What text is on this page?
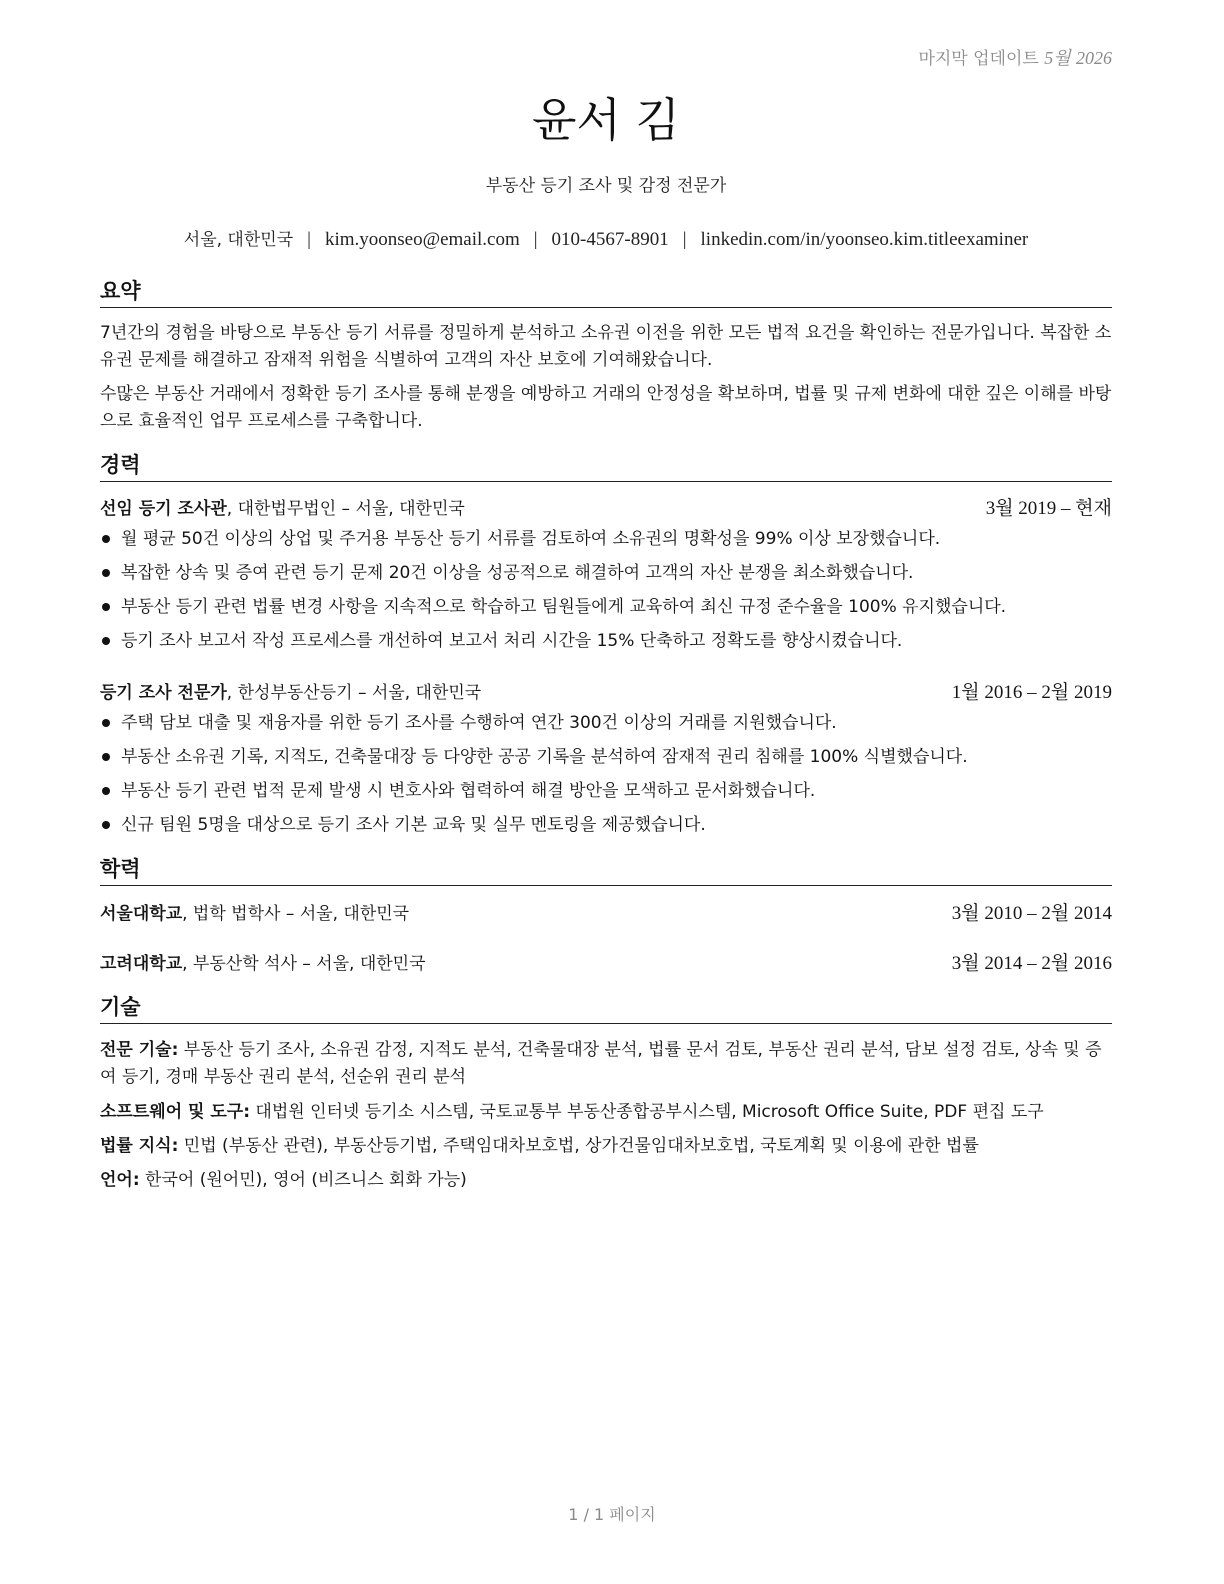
마지막 업데이트 5월 2026
윤서 김
부동산 등기 조사 및 감정 전문가
서울, 대한민국 | kim.yoonseo@email.com | 010-4567-8901 | linkedin.com/in/yoonseo.kim.titleexaminer
요약
7년간의 경험을 바탕으로 부동산 등기 서류를 정밀하게 분석하고 소유권 이전을 위한 모든 법적 요건을 확인하는 전문가입니다. 복잡한 소유권 문제를 해결하고 잠재적 위험을 식별하여 고객의 자산 보호에 기여해왔습니다.
수많은 부동산 거래에서 정확한 등기 조사를 통해 분쟁을 예방하고 거래의 안정성을 확보하며, 법률 및 규제 변화에 대한 깊은 이해를 바탕으로 효율적인 업무 프로세스를 구축합니다.
경력
선임 등기 조사관, 대한법무법인 – 서울, 대한민국	3월 2019 – 현재
월 평균 50건 이상의 상업 및 주거용 부동산 등기 서류를 검토하여 소유권의 명확성을 99% 이상 보장했습니다.
복잡한 상속 및 증여 관련 등기 문제 20건 이상을 성공적으로 해결하여 고객의 자산 분쟁을 최소화했습니다.
부동산 등기 관련 법률 변경 사항을 지속적으로 학습하고 팀원들에게 교육하여 최신 규정 준수율을 100% 유지했습니다.
등기 조사 보고서 작성 프로세스를 개선하여 보고서 처리 시간을 15% 단축하고 정확도를 향상시켰습니다.
등기 조사 전문가, 한성부동산등기 – 서울, 대한민국	1월 2016 – 2월 2019
주택 담보 대출 및 재융자를 위한 등기 조사를 수행하여 연간 300건 이상의 거래를 지원했습니다.
부동산 소유권 기록, 지적도, 건축물대장 등 다양한 공공 기록을 분석하여 잠재적 권리 침해를 100% 식별했습니다.
부동산 등기 관련 법적 문제 발생 시 변호사와 협력하여 해결 방안을 모색하고 문서화했습니다.
신규 팀원 5명을 대상으로 등기 조사 기본 교육 및 실무 멘토링을 제공했습니다.
학력
서울대학교, 법학 법학사 – 서울, 대한민국	3월 2010 – 2월 2014
고려대학교, 부동산학 석사 – 서울, 대한민국	3월 2014 – 2월 2016
기술
전문 기술: 부동산 등기 조사, 소유권 감정, 지적도 분석, 건축물대장 분석, 법률 문서 검토, 부동산 권리 분석, 담보 설정 검토, 상속 및 증여 등기, 경매 부동산 권리 분석, 선순위 권리 분석
소프트웨어 및 도구: 대법원 인터넷 등기소 시스템, 국토교통부 부동산종합공부시스템, Microsoft Office Suite, PDF 편집 도구
법률 지식: 민법 (부동산 관련), 부동산등기법, 주택임대차보호법, 상가건물임대차보호법, 국토계획 및 이용에 관한 법률
언어: 한국어 (원어민), 영어 (비즈니스 회화 가능)
1 / 1 페이지
